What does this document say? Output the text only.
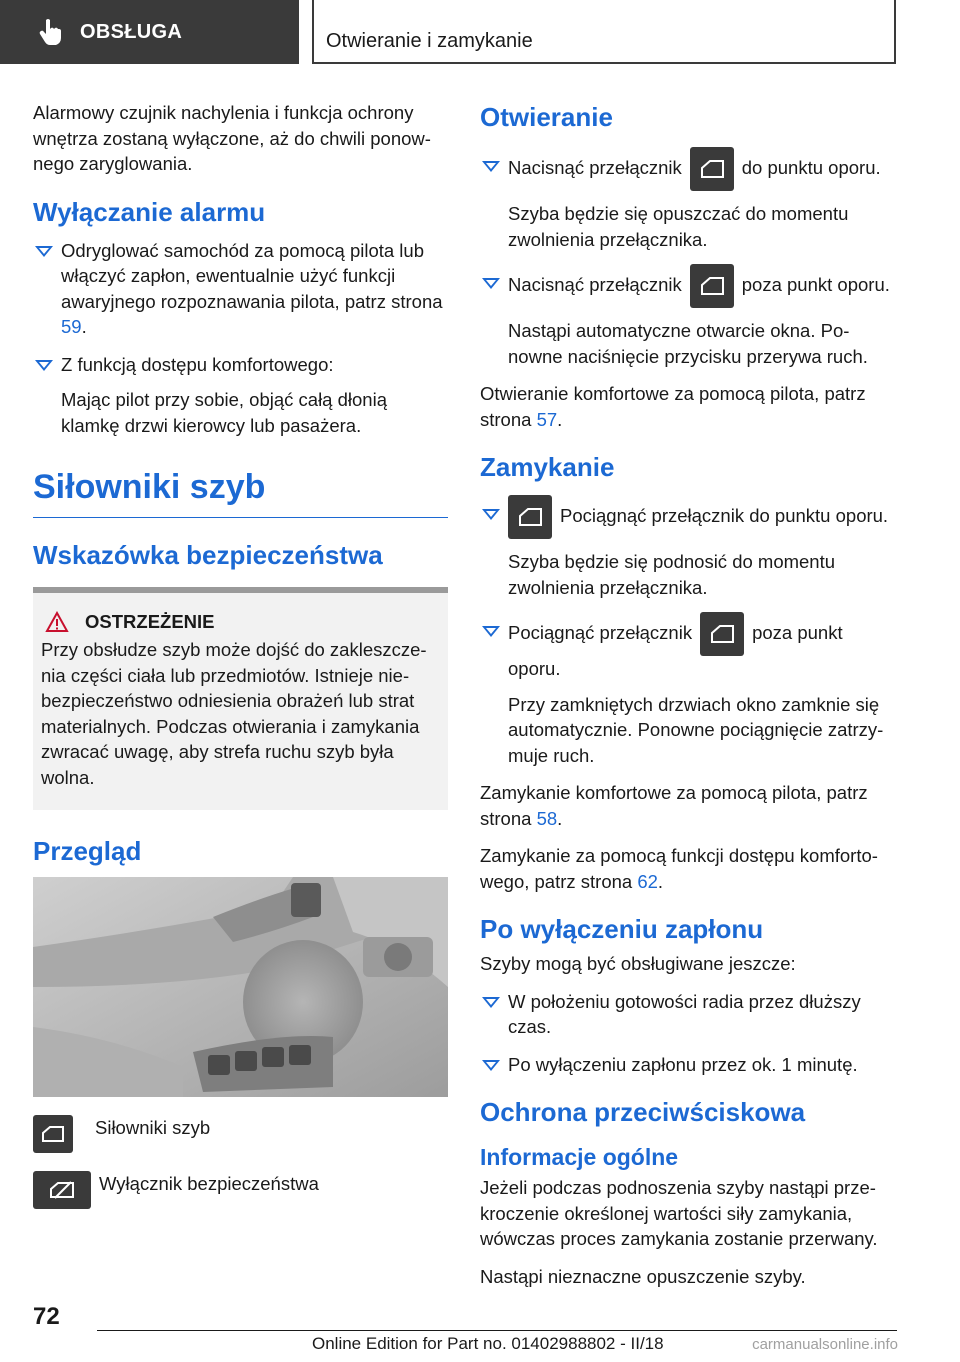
OBSŁUGA	Otwieranie i zamykanie

Alarmowy czujnik nachylenia i funkcja ochrony wnętrza zostaną wyłączone, aż do chwili ponow-nego zaryglowania.

Wyłączanie alarmu
Odryglować samochód za pomocą pilota lub włączyć zapłon, ewentualnie użyć funkcji awaryjnego rozpoznawania pilota, patrz strona 59.
Z funkcją dostępu komfortowego:
Mając pilot przy sobie, objąć całą dłonią klamkę drzwi kierowcy lub pasażera.
Siłowniki szyb
Wskazówka bezpieczeństwa
OSTRZEŻENIE

Przy obsłudze szyb może dojść do zakleszcze-nia części ciała lub przedmiotów. Istnieje nie-bezpieczeństwo odniesienia obrażeń lub strat materialnych. Podczas otwierania i zamykania zwracać uwagę, aby strefa ruchu szyb była wolna.

Przegląd
Siłowniki szyb
Wyłącznik bezpieczeństwa
Otwieranie
Nacisnąć przełącznik	do punktu oporu.
Szyba będzie się opuszczać do momentu zwolnienia przełącznika.
Nacisnąć przełącznik	poza punkt oporu.
Nastąpi automatyczne otwarcie okna. Po-nowne naciśnięcie przycisku przerywa ruch.

Otwieranie komfortowe za pomocą pilota, patrz strona 57.

Zamykanie
Pociągnąć przełącznik do punktu oporu.
Szyba będzie się podnosić do momentu zwolnienia przełącznika.
Pociągnąć przełącznik	poza punkt oporu.
Przy zamkniętych drzwiach okno zamknie się automatycznie. Ponowne pociągnięcie zatrzy-muje ruch.

Zamykanie komfortowe za pomocą pilota, patrz strona 58.

Zamykanie za pomocą funkcji dostępu komforto-wego, patrz strona 62.

Po wyłączeniu zapłonu

Szyby mogą być obsługiwane jeszcze:

W położeniu gotowości radia przez dłuższy czas.
Po wyłączeniu zapłonu przez ok. 1 minutę.
Ochrona przeciwściskowa
Informacje ogólne

Jeżeli podczas podnoszenia szyby nastąpi prze-kroczenie określonej wartości siły zamykania, wówczas proces zamykania zostanie przerwany.

Nastąpi nieznaczne opuszczenie szyby.

72
Online Edition for Part no. 01402988802 - II/18	carmanualsonline.info
